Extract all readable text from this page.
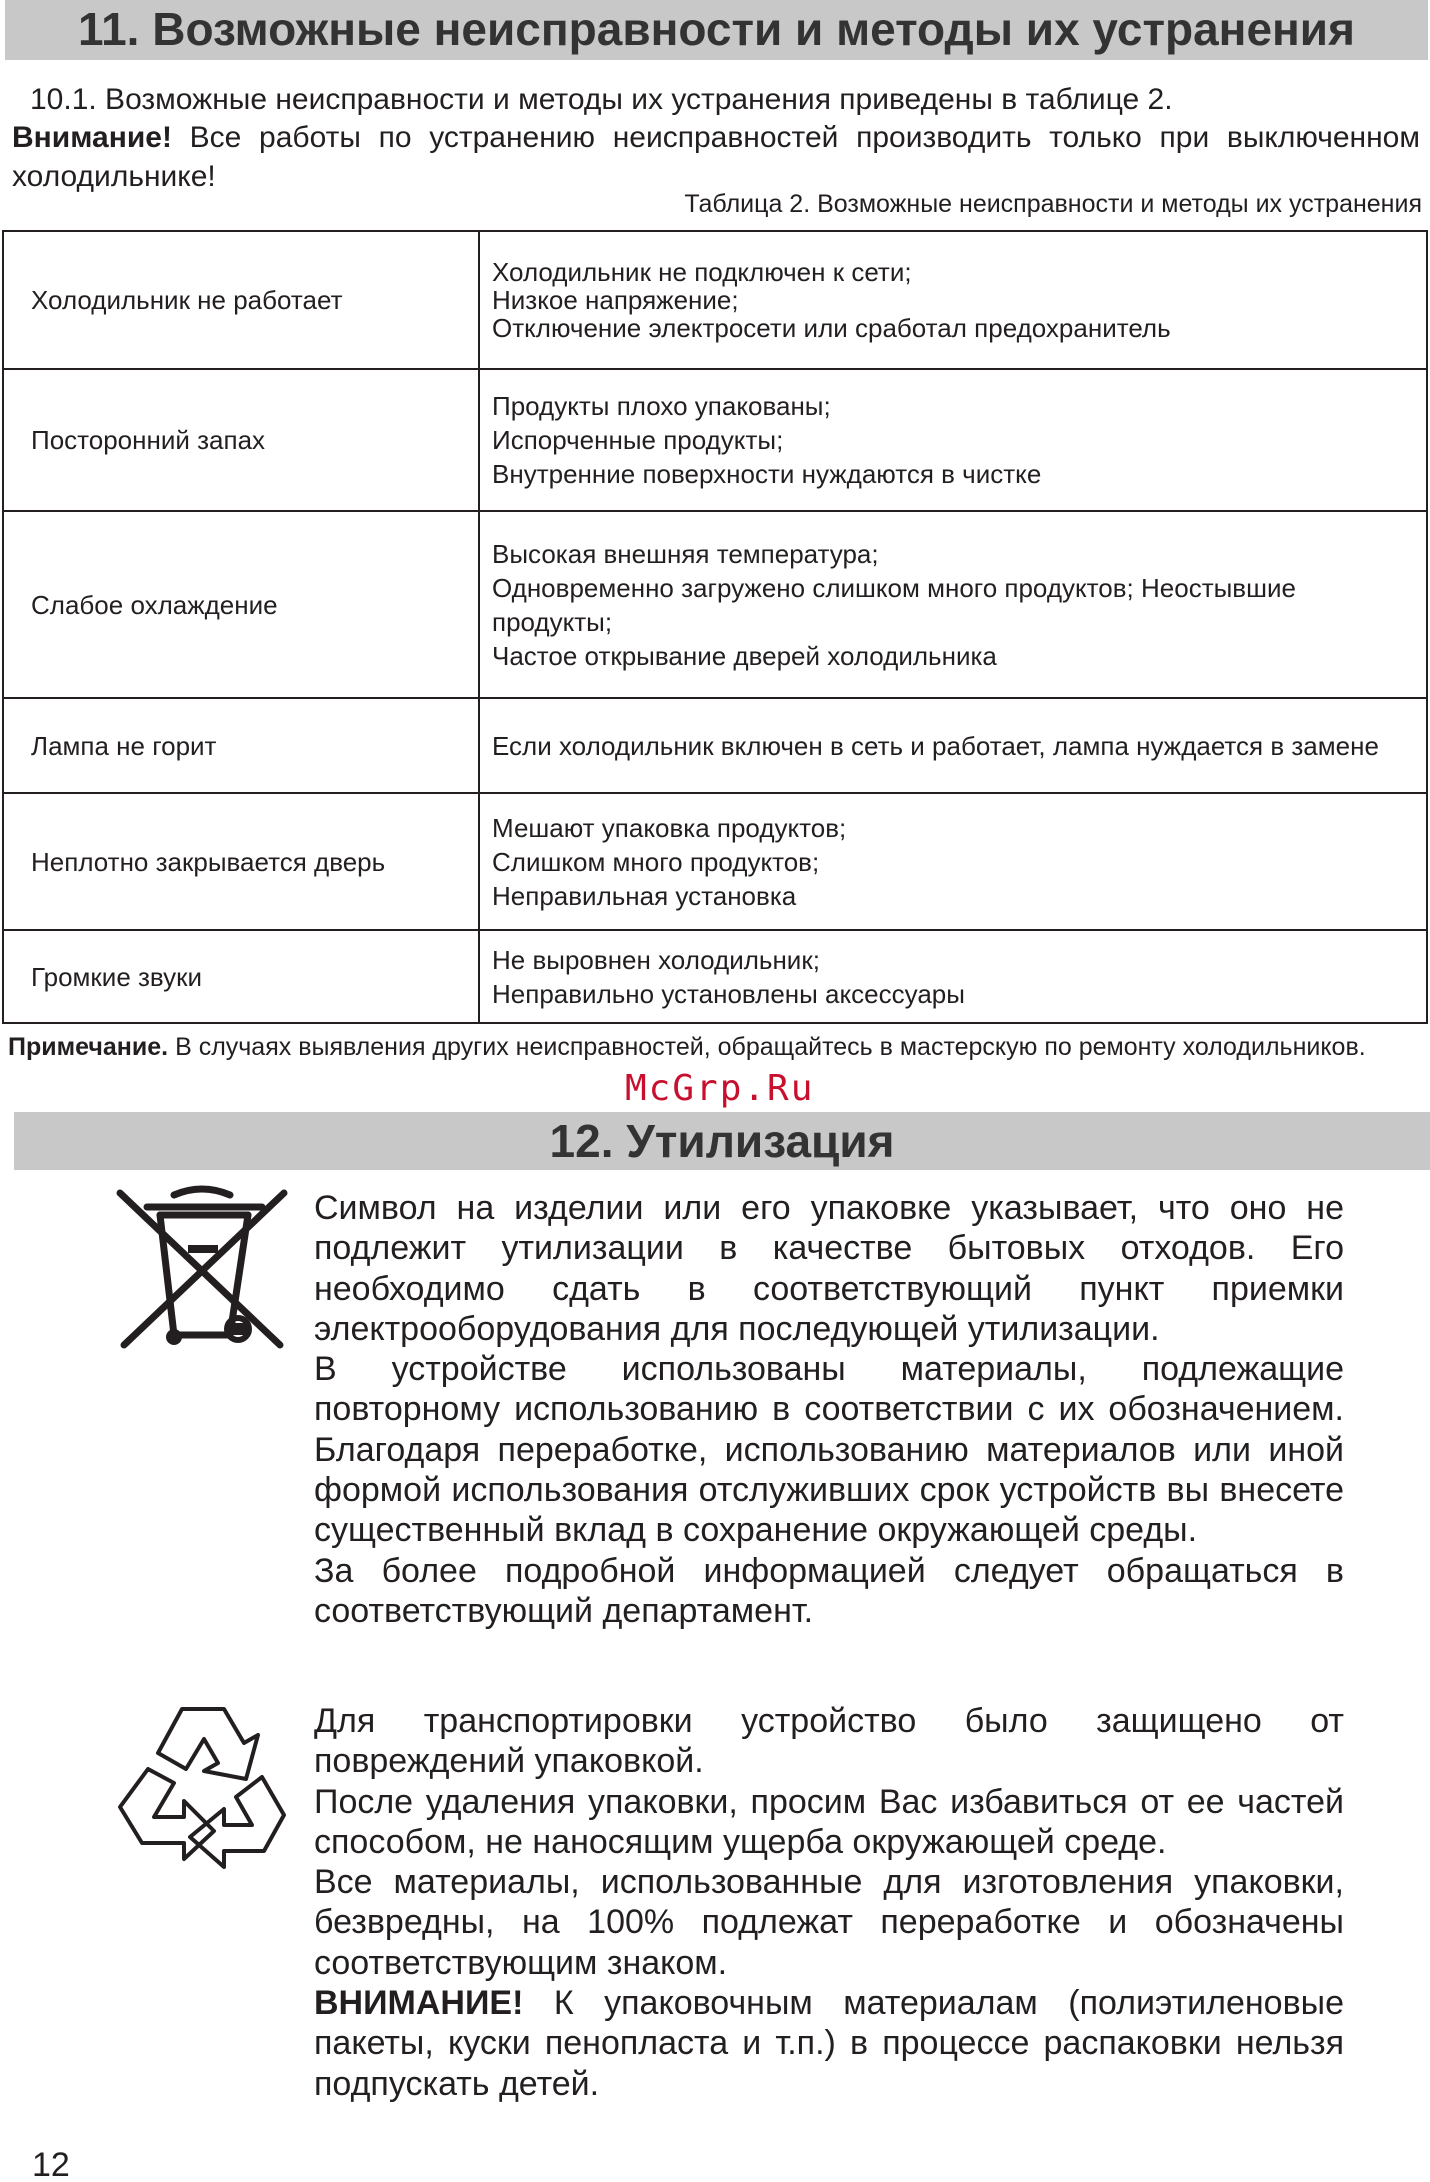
11. Возможные неисправности и методы их устранения
10.1. Возможные неисправности и методы их устранения приведены в таблице 2.
Внимание! Все работы по устранению неисправностей производить только при выключенном холодильнике!
Таблица 2. Возможные неисправности и методы их устранения
Холодильник не работает	Холодильник не подключен к сети;
Низкое напряжение;
Отключение электросети или сработал предохранитель

Посторонний запах	Продукты плохо упакованы;
Испорченные продукты;
Внутренние поверхности нуждаются в чистке

Слабое охлаждение	Высокая внешняя температура;
Одновременно загружено слишком много продуктов; Неостывшие продукты;
Частое открывание дверей холодильника

Лампа не горит	Если холодильник включен в сеть и работает, лампа нуждается в замене

Неплотно закрывается дверь	Мешают упаковка продуктов;
Слишком много продуктов;
Неправильная установка

Громкие звуки	Не выровнен холодильник;
Неправильно установлены аксессуары
Примечание. В случаях выявления других неисправностей, обращайтесь в мастерскую по ремонту холодильников.
McGrp.Ru
12. Утилизация
Символ на изделии или его упаковке указывает, что оно не подлежит утилизации в качестве бытовых отходов. Его необходимо сдать в соответствующий пункт приемки электрооборудования для последующей утилизации.
В устройстве использованы материалы, подлежащие повторному использованию в соответствии с их обозначением. Благодаря переработке, использованию материалов или иной формой использования отслуживших срок устройств вы внесете существенный вклад в сохранение окружающей среды.
За более подробной информацией следует обращаться в соответствующий департамент.
Для транспортировки устройство было защищено от повреждений упаковкой.
После удаления упаковки, просим Вас избавиться от ее частей способом, не наносящим ущерба окружающей среде.
Все материалы, использованные для изготовления упаковки, безвредны, на 100% подлежат переработке и обозначены соответствующим знаком.
ВНИМАНИЕ! К упаковочным материалам (полиэтиленовые пакеты, куски пенопласта и т.п.) в процессе распаковки нельзя подпускать детей.
12
